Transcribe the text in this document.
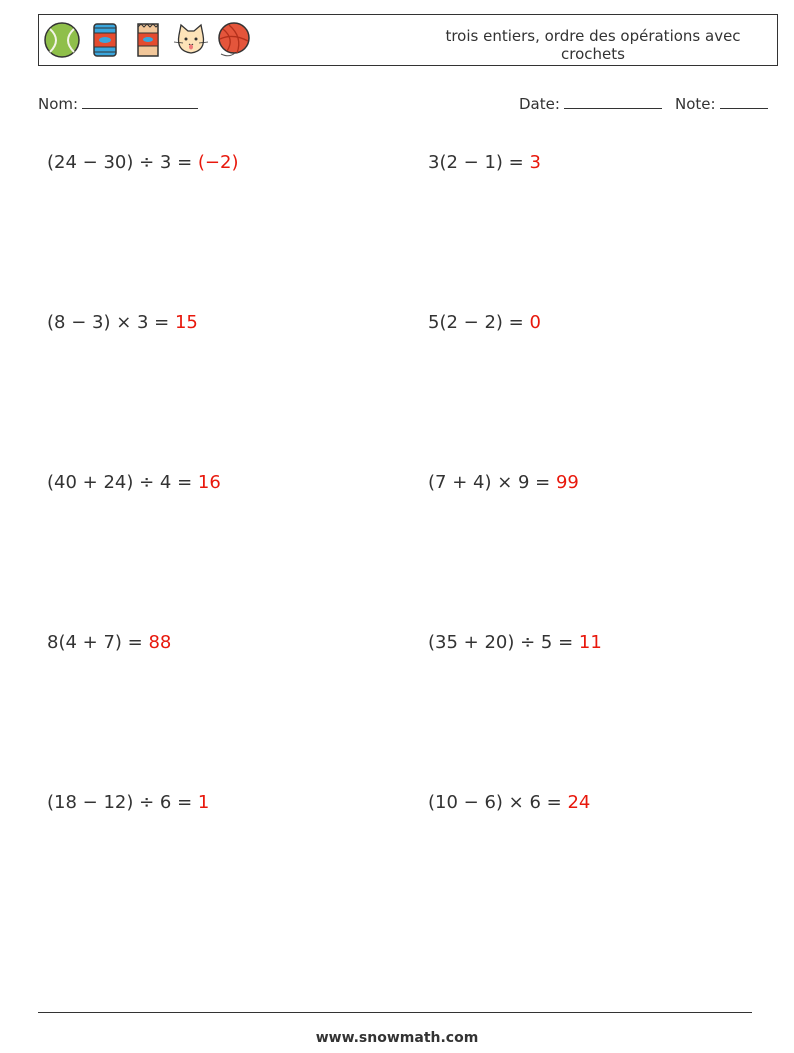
trois entiers, ordre des opérations avec crochets
Nom:	Date:	Note:
(24 − 30) ÷ 3 = (−2)	3(2 − 1) = 3
(8 − 3) × 3 = 15	5(2 − 2) = 0
(40 + 24) ÷ 4 = 16	(7 + 4) × 9 = 99
8(4 + 7) = 88	(35 + 20) ÷ 5 = 11
(18 − 12) ÷ 6 = 1	(10 − 6) × 6 = 24
www.snowmath.com
